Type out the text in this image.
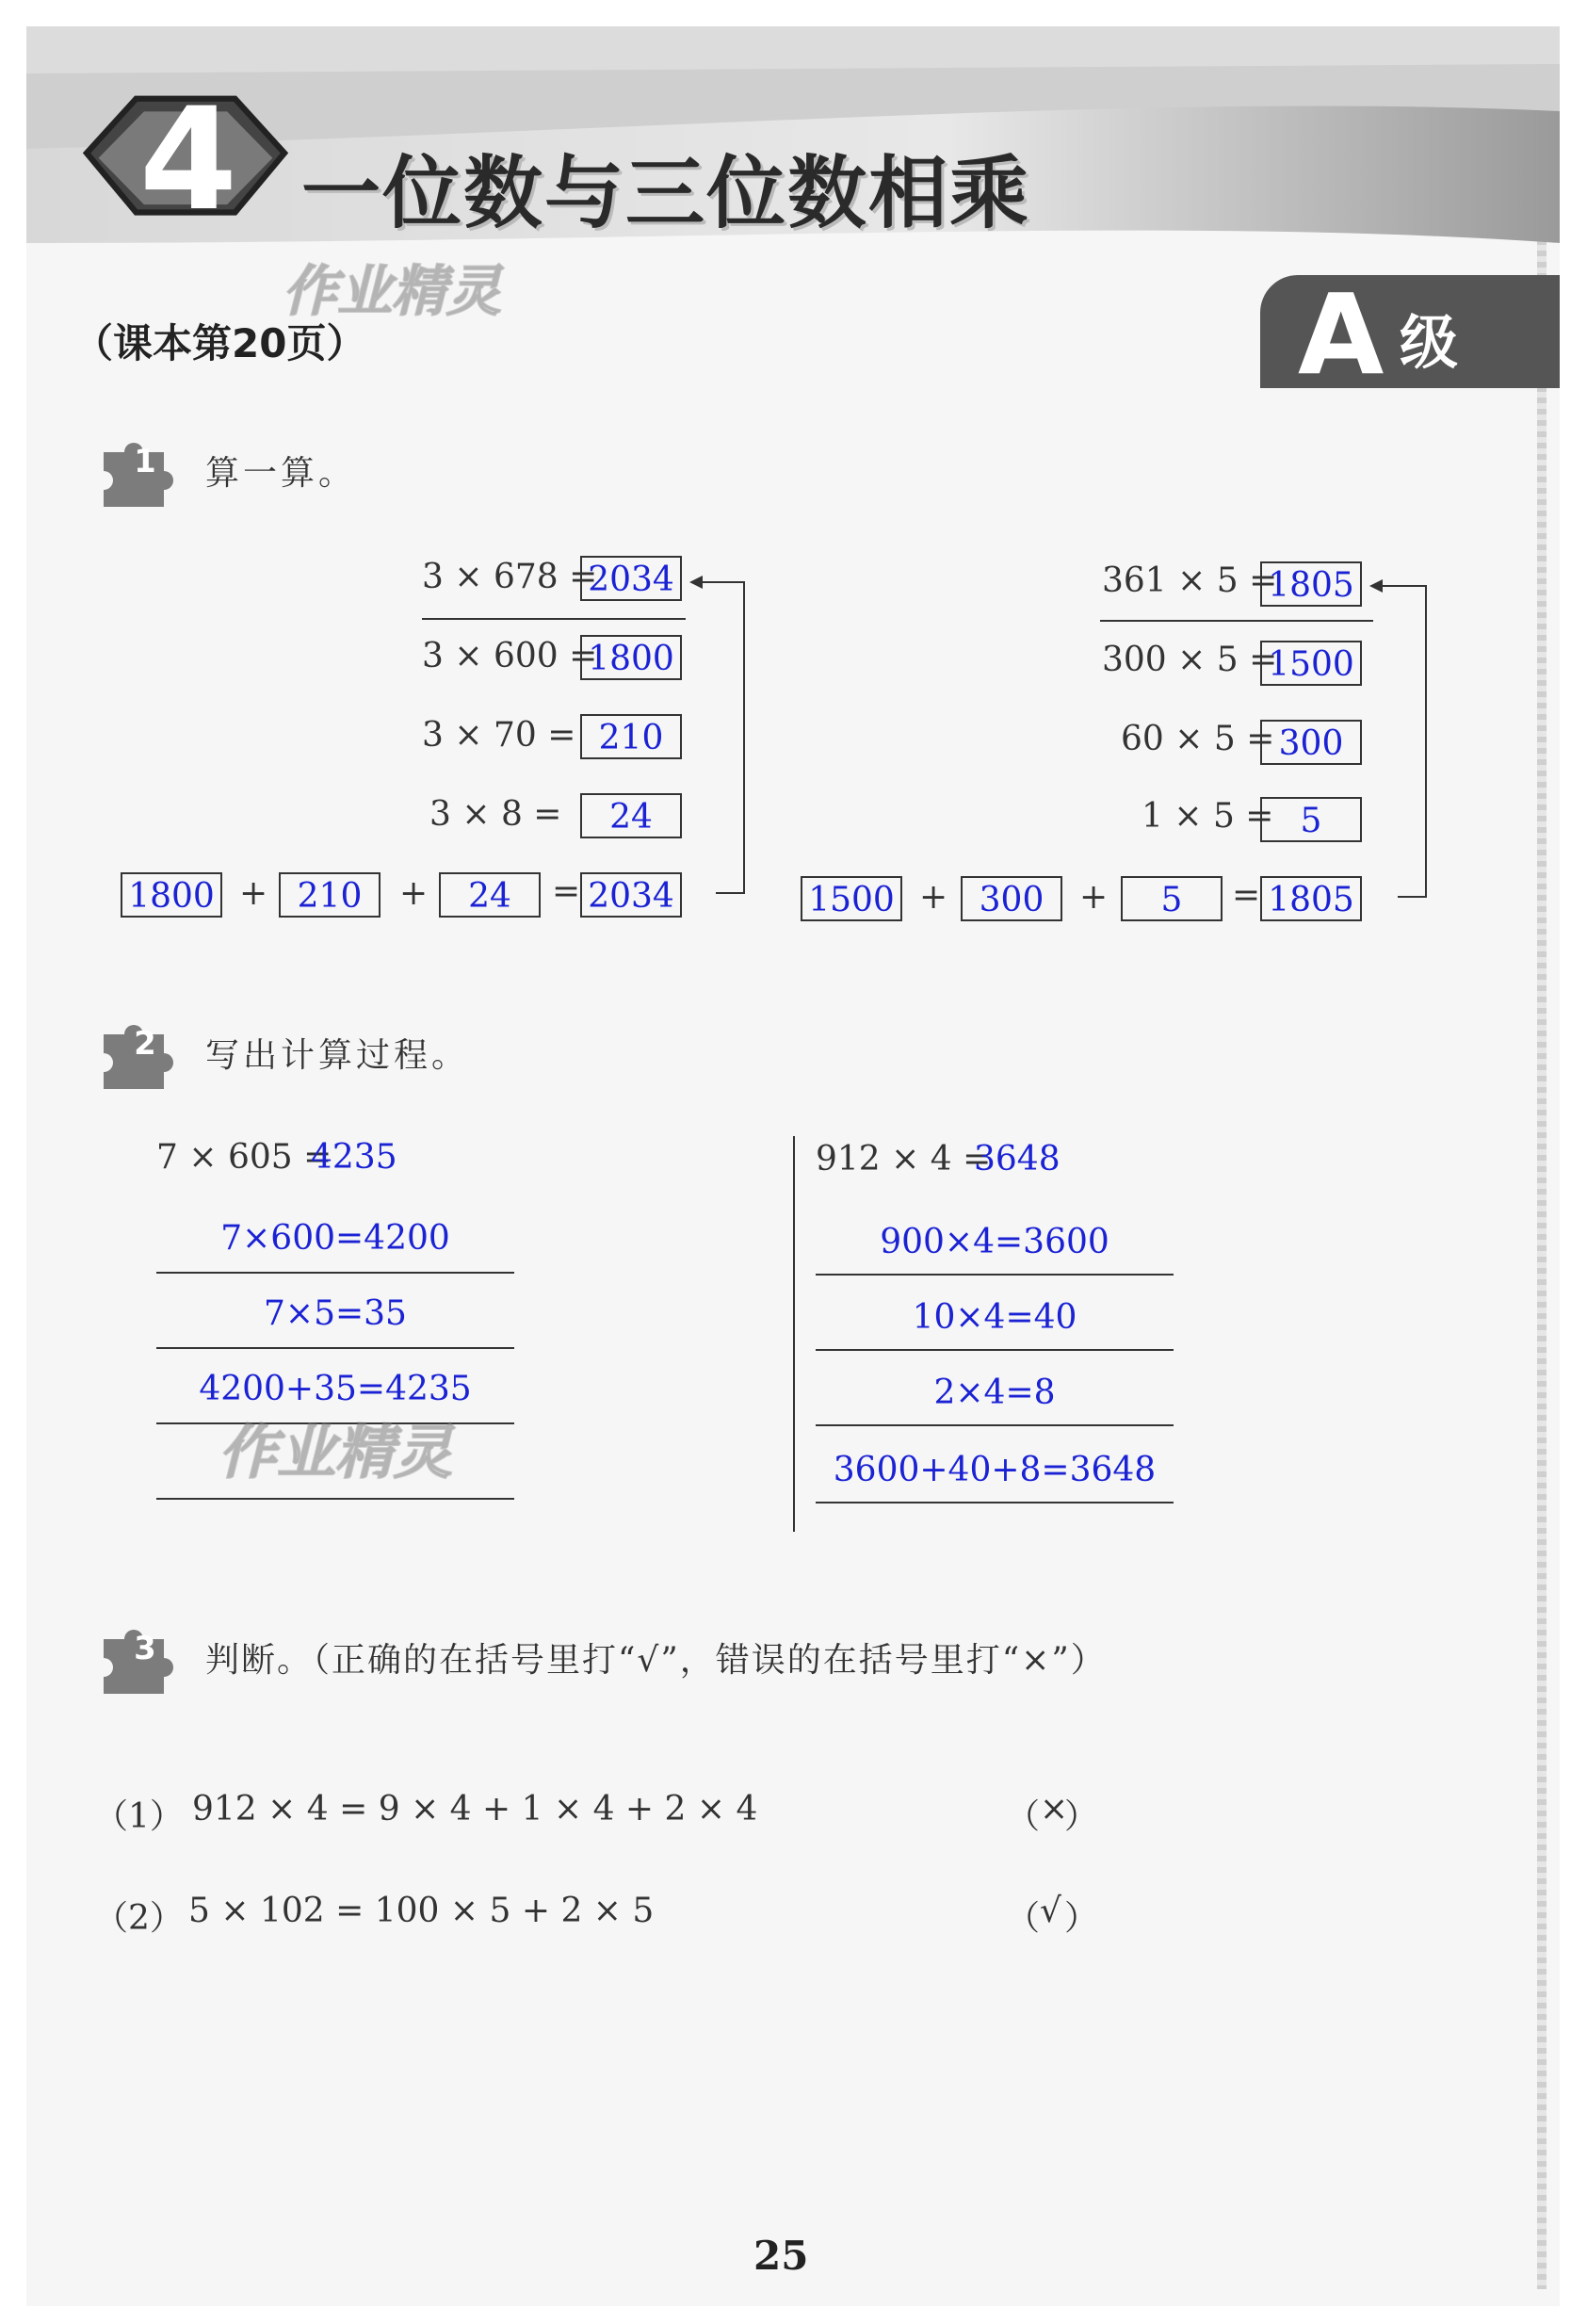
4 一位数与三位数相乘
作业精灵
（课本第20页）	A 级
1 算一算。
3 × 678 =
2034
3 × 600 =
1800
3 × 70 = 210
3 × 8 =	24
1800 + 210	+	24	= 2034
361 × 5 =
1805
300 × 5 =
1500
60 × 5 = 300
1 × 5 = 5
1500 + 300	+	5	= 1805
2 写出计算过程。
7 × 605 =
4235
7×600=4200
7×5=35
4200+35=4235
作业精灵
912 × 4 =
3648
900×4=3600
10×4=40
2×4=8
3600+40+8=3648
3 判断。（正确的在括号里打“√”，错误的在括号里打“×”）
（1） 912 × 4 = 9 × 4 + 1 × 4 + 2 × 4	（ ×
）
（2） 5 × 102 = 100 × 5 + 2 × 5	（ √ ）
25
